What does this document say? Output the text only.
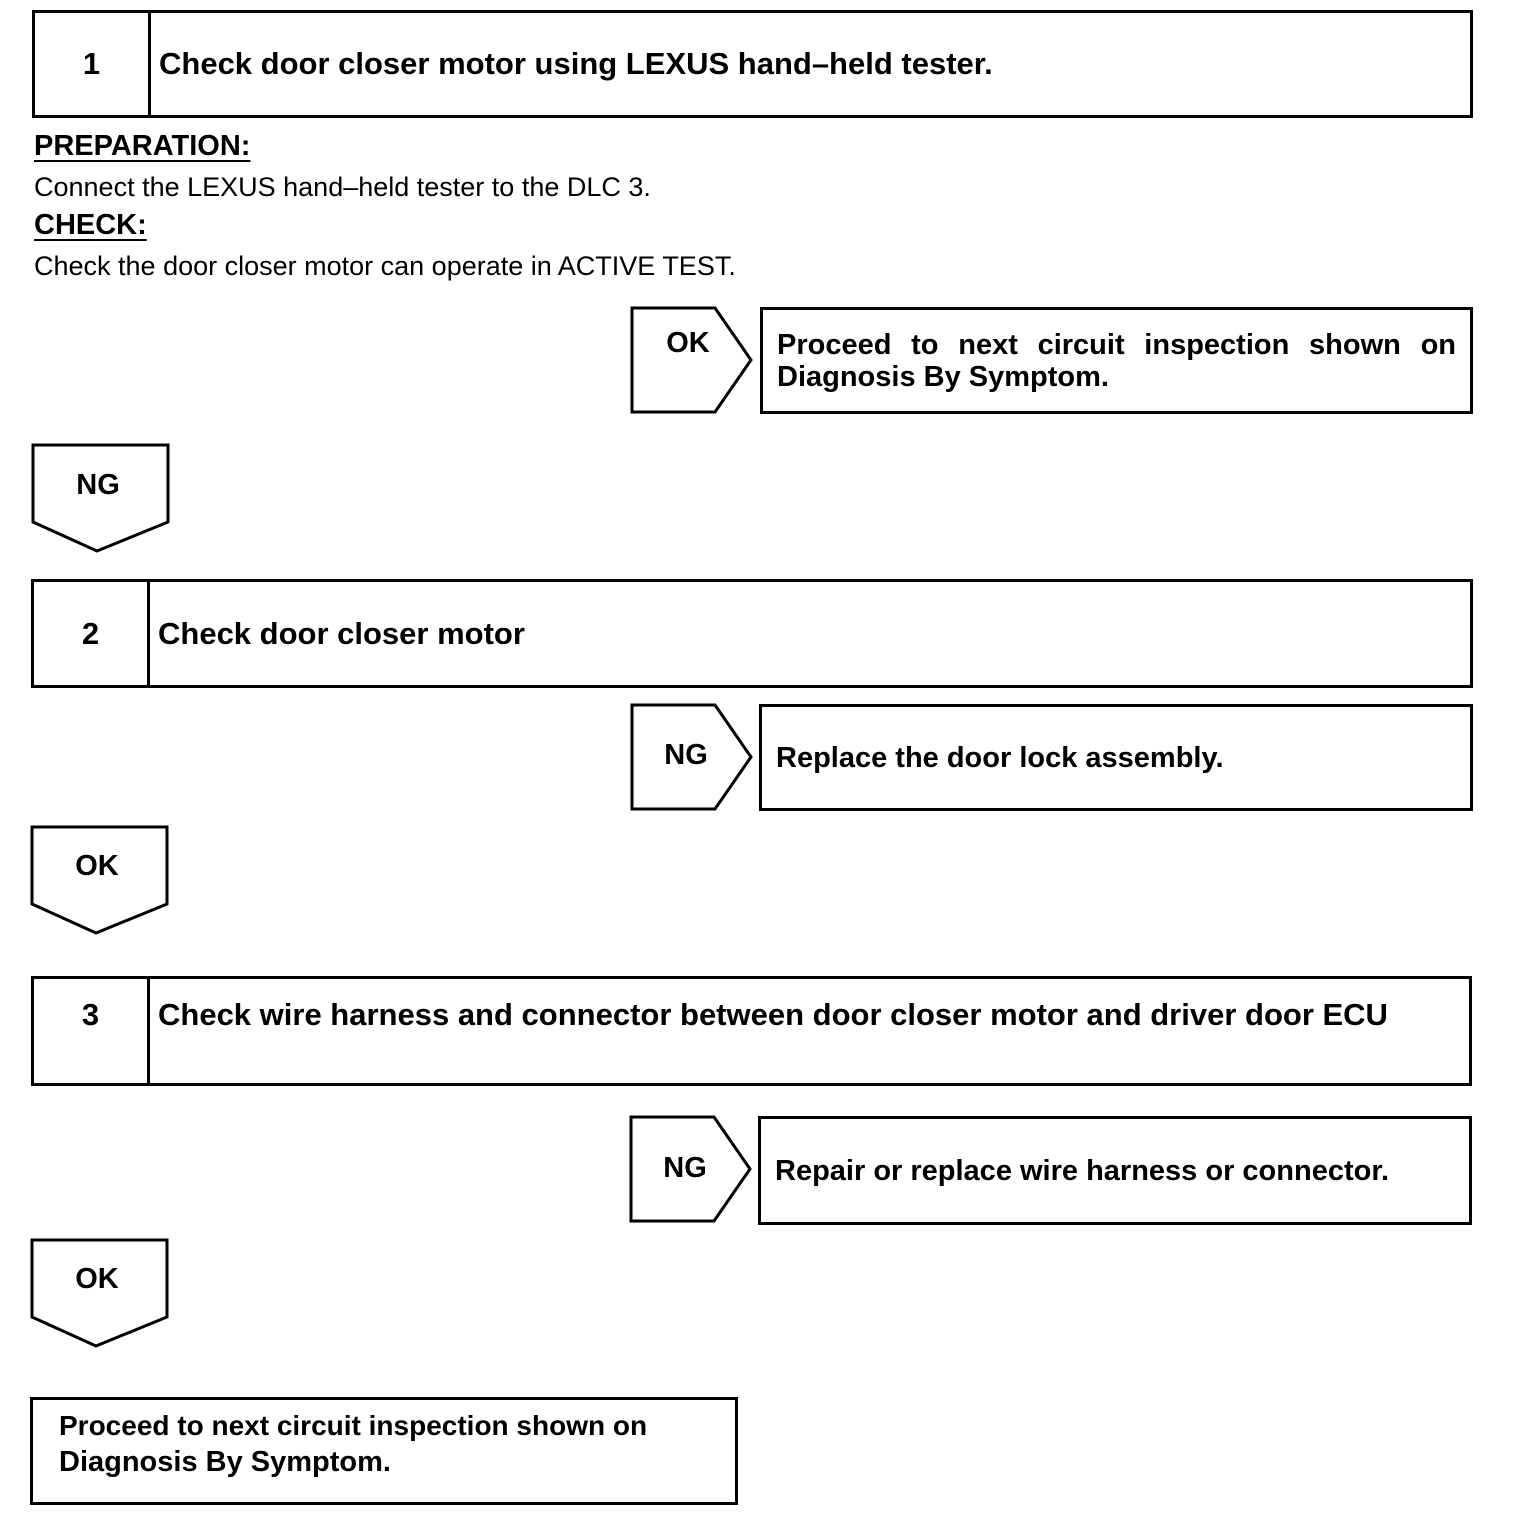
1	Check door closer motor using LEXUS hand–held tester.
PREPARATION:
Connect the LEXUS hand–held tester to the DLC 3.
CHECK:
Check the door closer motor can operate in ACTIVE TEST.
OK	Proceed to next circuit inspection shown on Diagnosis By Symptom.
NG
2	Check door closer motor
NG	Replace the door lock assembly.
OK
3	Check wire harness and connector between door closer motor and driver door ECU
NG	Repair or replace wire harness or connector.
OK
Proceed to next circuit inspection shown on
Diagnosis By Symptom.
